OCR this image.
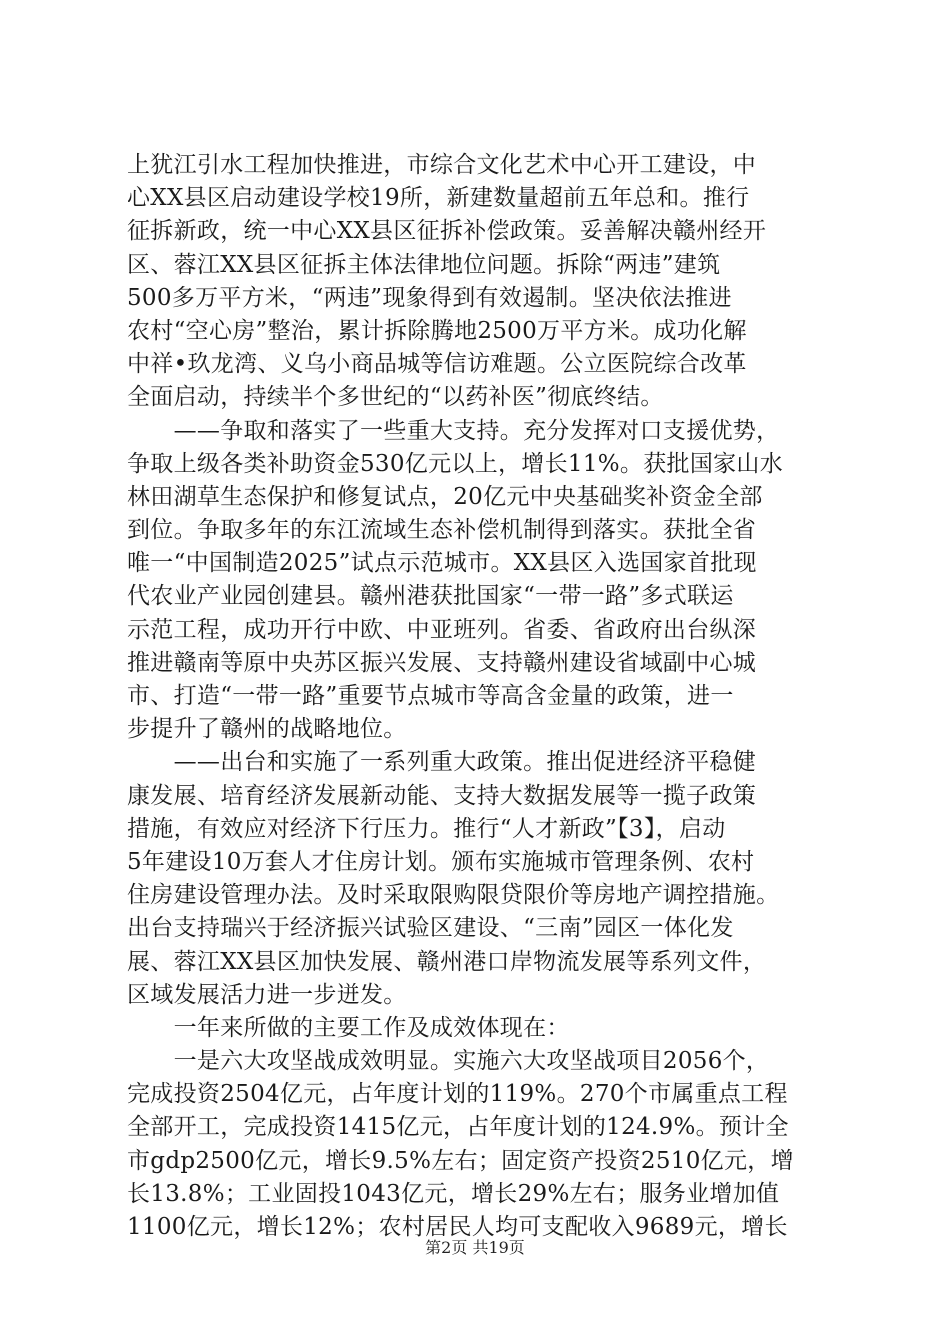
上犹江引水工程加快推进，市综合文化艺术中心开工建设，中
心XX县区启动建设学校19所，新建数量超前五年总和。推行
征拆新政，统一中心XX县区征拆补偿政策。妥善解决赣州经开
区、蓉江XX县区征拆主体法律地位问题。拆除“两违”建筑
500多万平方米，“两违”现象得到有效遏制。坚决依法推进
农村“空心房”整治，累计拆除腾地2500万平方米。成功化解
中祥•玖龙湾、义乌小商品城等信访难题。公立医院综合改革
全面启动，持续半个多世纪的“以药补医”彻底终结。
　　——争取和落实了一些重大支持。充分发挥对口支援优势，
争取上级各类补助资金530亿元以上，增长11%。获批国家山水
林田湖草生态保护和修复试点，20亿元中央基础奖补资金全部
到位。争取多年的东江流域生态补偿机制得到落实。获批全省
唯一“中国制造2025”试点示范城市。XX县区入选国家首批现
代农业产业园创建县。赣州港获批国家“一带一路”多式联运
示范工程，成功开行中欧、中亚班列。省委、省政府出台纵深
推进赣南等原中央苏区振兴发展、支持赣州建设省域副中心城
市、打造“一带一路”重要节点城市等高含金量的政策，进一
步提升了赣州的战略地位。
　　——出台和实施了一系列重大政策。推出促进经济平稳健
康发展、培育经济发展新动能、支持大数据发展等一揽子政策
措施，有效应对经济下行压力。推行“人才新政”【3】，启动
5年建设10万套人才住房计划。颁布实施城市管理条例、农村
住房建设管理办法。及时采取限购限贷限价等房地产调控措施。
出台支持瑞兴于经济振兴试验区建设、“三南”园区一体化发
展、蓉江XX县区加快发展、赣州港口岸物流发展等系列文件，
区域发展活力进一步迸发。
　　一年来所做的主要工作及成效体现在：
　　一是六大攻坚战成效明显。实施六大攻坚战项目2056个，
完成投资2504亿元，占年度计划的119%。270个市属重点工程
全部开工，完成投资1415亿元，占年度计划的124.9%。预计全
市gdp2500亿元，增长9.5%左右；固定资产投资2510亿元，增
长13.8%；工业固投1043亿元，增长29%左右；服务业增加值
1100亿元，增长12%；农村居民人均可支配收入9689元，增长
第2页 共19页
